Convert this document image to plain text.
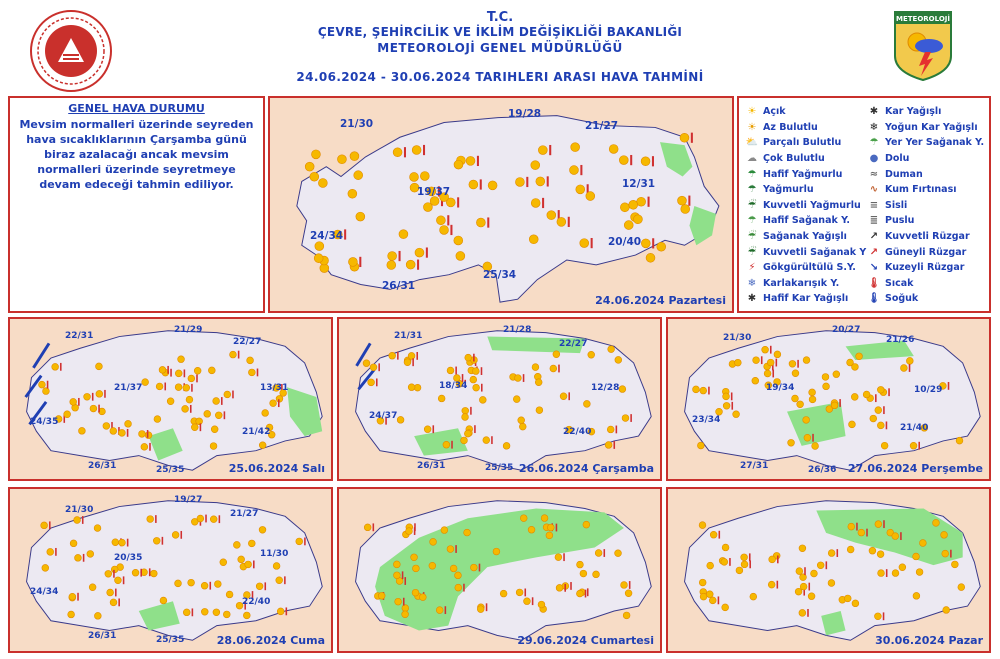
T.C.
ÇEVRE, ŞEHİRCİLİK VE İKLİM DEĞİŞİKLİĞİ BAKANLIĞI
METEOROLOJİ GENEL MÜDÜRLÜĞÜ
24.06.2024 - 30.06.2024 TARIHLERI ARASI HAVA TAHMİNİ
METEOROLOJİ
GENEL HAVA DURUMU
Mevsim normalleri üzerinde seyreden hava sıcaklıklarının Çarşamba günü biraz azalacağı ancak mevsim normalleri üzerinde seyretmeye devam edeceği tahmin ediliyor.
21/30
19/28
21/27
19/37
12/31
24/34	20/40
25/34
26/31
24.06.2024 Pazartesi
☀ Açık
☀ Az Bulutlu
⛅ Parçalı Bulutlu
☁ Çok Bulutlu
☂ Hafif Yağmurlu
☂ Yağmurlu
☔ Kuvvetli Yağmurlu
☂ Hafif Sağanak Y.
☔ Sağanak Yağışlı
☔ Kuvvetli Sağanak Y
⚡ Gökgürültülü S.Y.
❄ Karlakarışık Y.
✱ Hafif Kar Yağışlı
✱ Kar Yağışlı
❄ Yoğun Kar Yağışlı
☂ Yer Yer Sağanak Y.
● Dolu
≈ Duman
∿ Kum Fırtınası
≡ Sisli
≣ Puslu
↗ Kuvvetli Rüzgar
↗ Güneyli Rüzgar
↘ Kuzeyli Rüzgar
🌡 Sıcak
🌡 Soğuk
22/31
21/29
22/27
21/37	13/31
24/35
21/42
26/31	25/35	25.06.2024 Salı
21/31
21/28
22/27
18/34	12/28
24/37
22/40
26/31	25/35 26.06.2024 Çarşamba
21/30
20/27
21/26
19/34	10/29
23/34
21/40
26/36
27/31	27.06.2024 Perşembe
21/30
19/27
21/27
20/35	11/30
24/34
22/40
26/31	25/35	28.06.2024 Cuma	29.06.2024 Cumartesi	30.06.2024 Pazar
